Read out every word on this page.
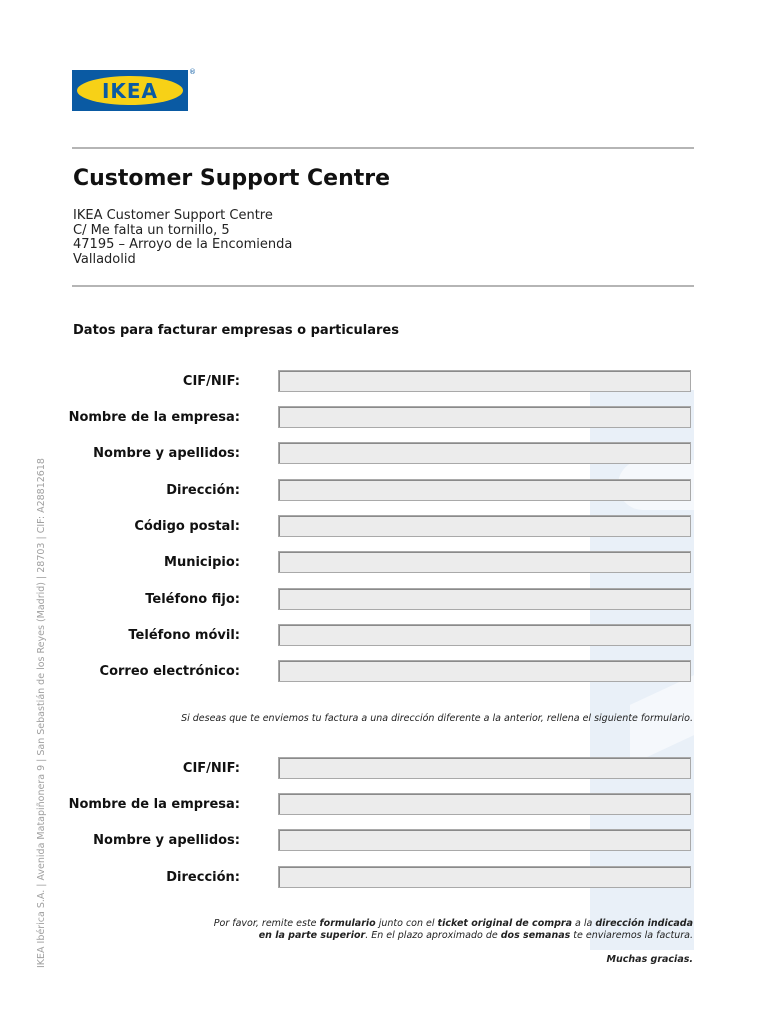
IKEA
®
Customer Support Centre
IKEA Customer Support Centre
C/ Me falta un tornillo, 5
47195 – Arroyo de la Encomienda
Valladolid
Datos para facturar empresas o particulares
CIF/NIF:
Nombre de la empresa:
Nombre y apellidos:
Dirección:
Código postal:
Municipio:
Teléfono fijo:
Teléfono móvil:
Correo electrónico:
Si deseas que te enviemos tu factura a una dirección diferente a la anterior, rellena el siguiente formulario.
CIF/NIF:
Nombre de la empresa:
Nombre y apellidos:
Dirección:
Por favor, remite este formulario junto con el ticket original de compra a la dirección indicada
en la parte superior. En el plazo aproximado de dos semanas te enviaremos la factura.
Muchas gracias.
IKEA Ibérica S.A. | Avenida Matapiñonera 9 | San Sebastián de los Reyes (Madrid) | 28703 | CIF: A28812618
